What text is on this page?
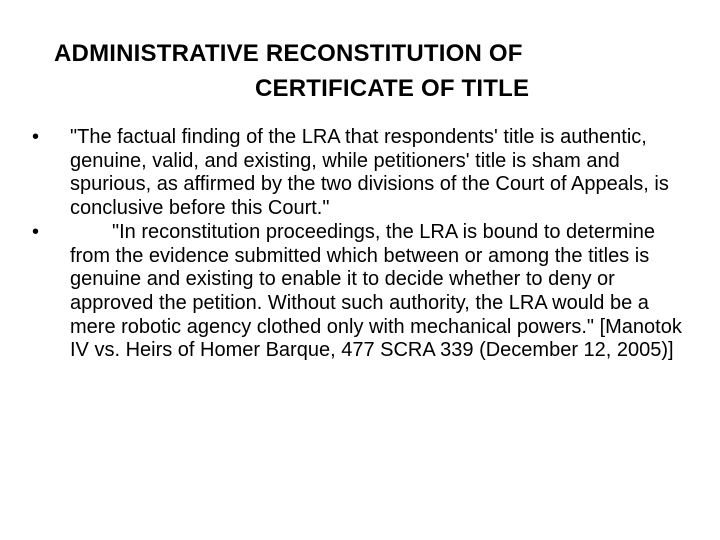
ADMINISTRATIVE RECONSTITUTION OF
CERTIFICATE OF TITLE
• "The factual finding of the LRA that respondents' title is authentic, genuine, valid, and existing, while petitioners' title is sham and spurious, as affirmed by the two divisions of the Court of Appeals, is conclusive before this Court."
•	"In reconstitution proceedings, the LRA is bound to determine from the evidence submitted which between or among the titles is genuine and existing to enable it to decide whether to deny or approved the petition. Without such authority, the LRA would be a mere robotic agency clothed only with mechanical powers." [Manotok IV vs. Heirs of Homer Barque, 477 SCRA 339 (December 12, 2005)]
